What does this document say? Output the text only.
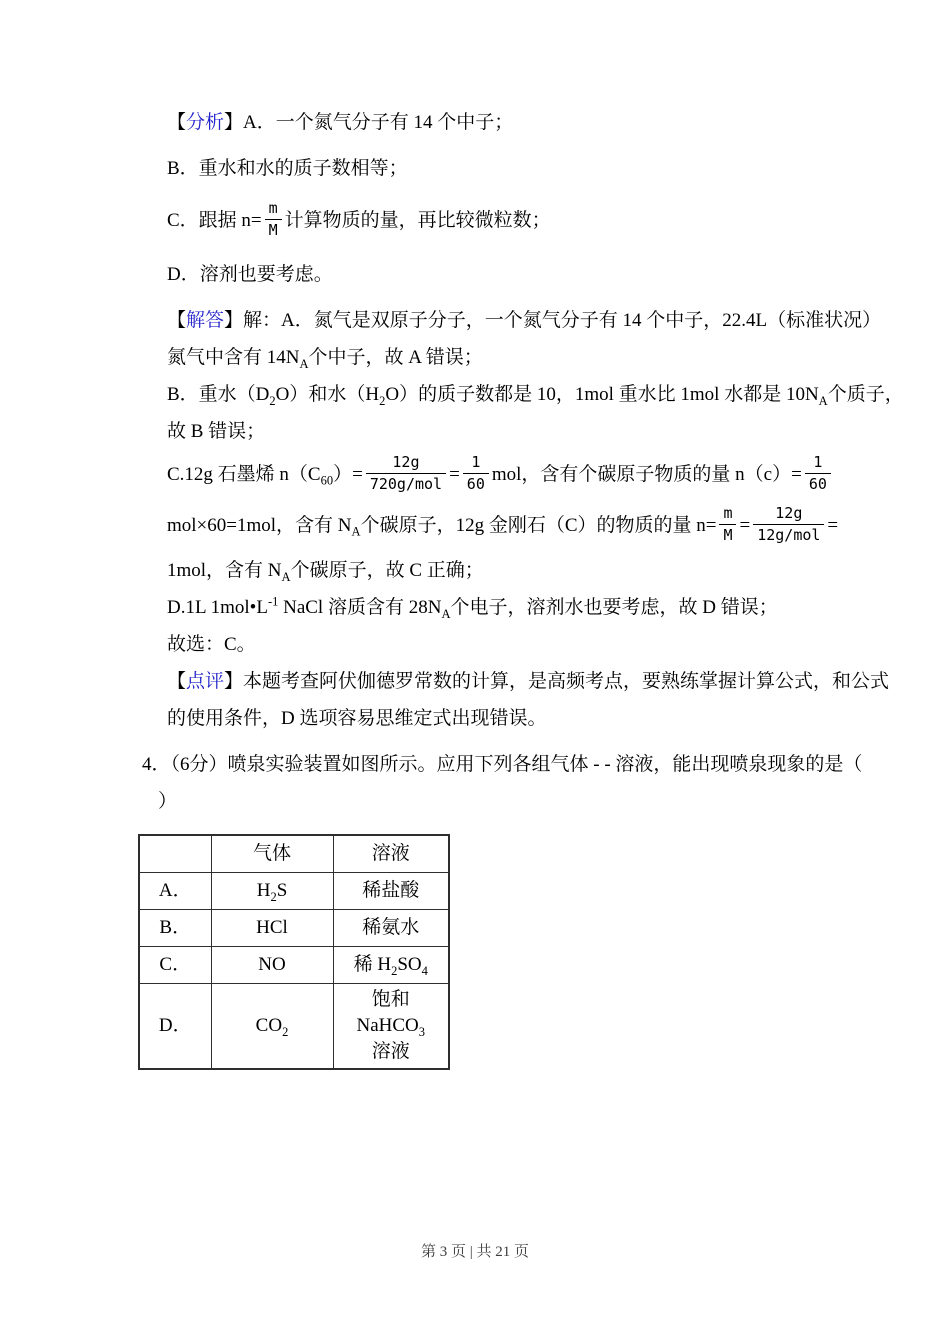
【分析】A．一个氮气分子有 14 个中子；
B．重水和水的质子数相等；
C．跟据 $n= \frac{m}{M}$ 计算物质的量，再比较微粒数；
D．溶剂也要考虑。
【解答】解：A．氮气是双原子分子，一个氮气分子有 14 个中子，22.4L（标准状况）
氮气中含有 $14N_A$个中子，故 A 错误；
B．重水$(D_2O)$和水$(H_2O)$的质子数都是 10，1mol 重水比 1mol 水都是 $10N_A$个质子，
故 B 错误；
C.12g 石墨烯 $n(C_{60})= \frac{12g}{\text{720g/mol}} = \frac{1}{60}$ mol，含有个碳原子物质的量 $n(c)= \frac{1}{60}$
mol×60=1mol，含有 $N_A$个碳原子，12g 金刚石（C）的物质的量 $n= \frac{m}{M} = \frac{12g}{\text{12g/mol}}$ =
1mol，含有 $N_A$个碳原子，故 C 正确；
D.1L $1mol•L^{-1}$ NaCl 溶质含有 $28N_A$个电子，溶剂水也要考虑，故 D 错误；
故选：C。
【点评】本题考查阿伏伽德罗常数的计算，是高频考点，要熟练掌握计算公式，和公式
的使用条件，D 选项容易思维定式出现错误。
4．（6分）喷泉实验装置如图所示。应用下列各组气体 - - 溶液，能出现喷泉现象的是（
）
	气体	溶液
A．	$H_2S$	稀盐酸
B．	HCl	稀氨水
C．	NO	稀 $H_2SO_4$
D．	$CO_2$	饱和 NaHCO$_3$
溶液
第 3 页 | 共 21 页
